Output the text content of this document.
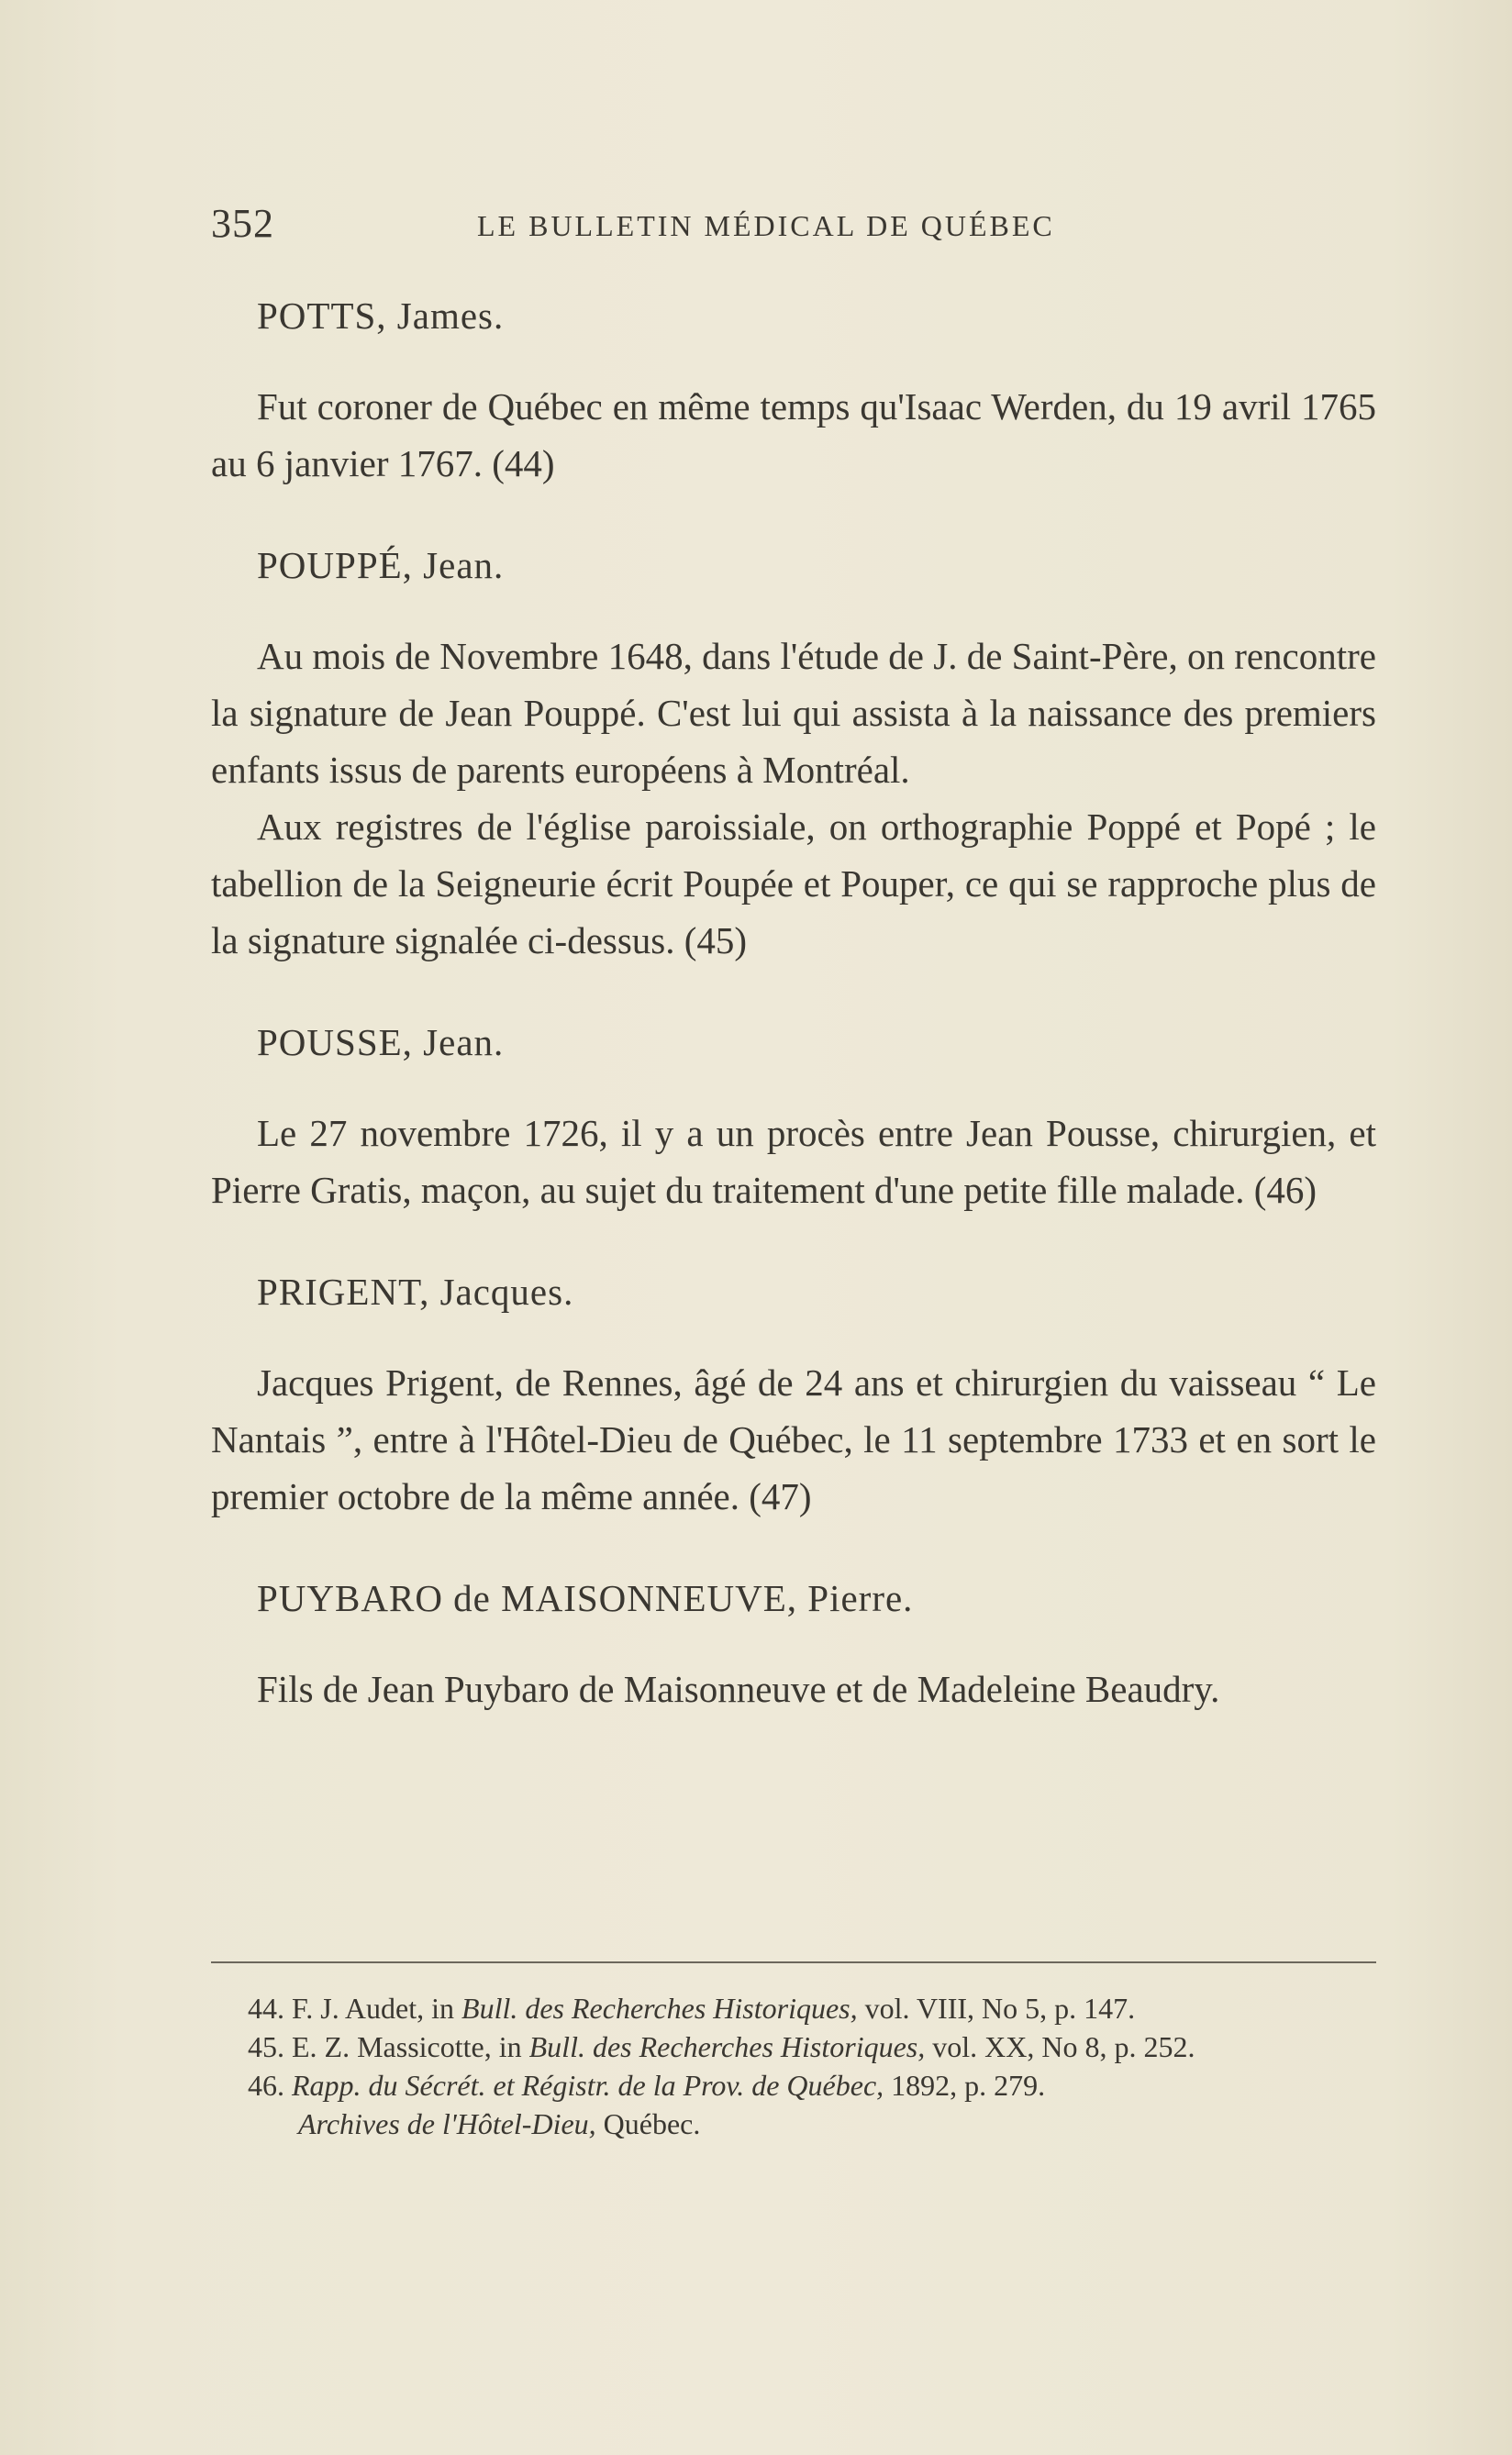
352	LE BULLETIN MÉDICAL DE QUÉBEC
POTTS, James.

Fut coroner de Québec en même temps qu'Isaac Werden, du 19 avril 1765 au 6 janvier 1767. (44)

POUPPÉ, Jean.

Au mois de Novembre 1648, dans l'étude de J. de Saint-Père, on rencontre la signature de Jean Pouppé. C'est lui qui assista à la naissance des premiers enfants issus de parents européens à Montréal.

Aux registres de l'église paroissiale, on orthographie Poppé et Popé ; le tabellion de la Seigneurie écrit Poupée et Pouper, ce qui se rapproche plus de la signature signalée ci-dessus. (45)

POUSSE, Jean.

Le 27 novembre 1726, il y a un procès entre Jean Pousse, chirurgien, et Pierre Gratis, maçon, au sujet du traitement d'une petite fille malade. (46)

PRIGENT, Jacques.

Jacques Prigent, de Rennes, âgé de 24 ans et chirurgien du vaisseau “ Le Nantais ”, entre à l'Hôtel-Dieu de Québec, le 11 septembre 1733 et en sort le premier octobre de la même année. (47)

PUYBARO de MAISONNEUVE, Pierre.

Fils de Jean Puybaro de Maisonneuve et de Madeleine Beaudry.

44. F. J. Audet, in Bull. des Recherches Historiques, vol. VIII, No 5, p. 147.

45. E. Z. Massicotte, in Bull. des Recherches Historiques, vol. XX, No 8, p. 252.

46. Rapp. du Sécrét. et Régistr. de la Prov. de Québec, 1892, p. 279.
Archives de l'Hôtel-Dieu, Québec.
